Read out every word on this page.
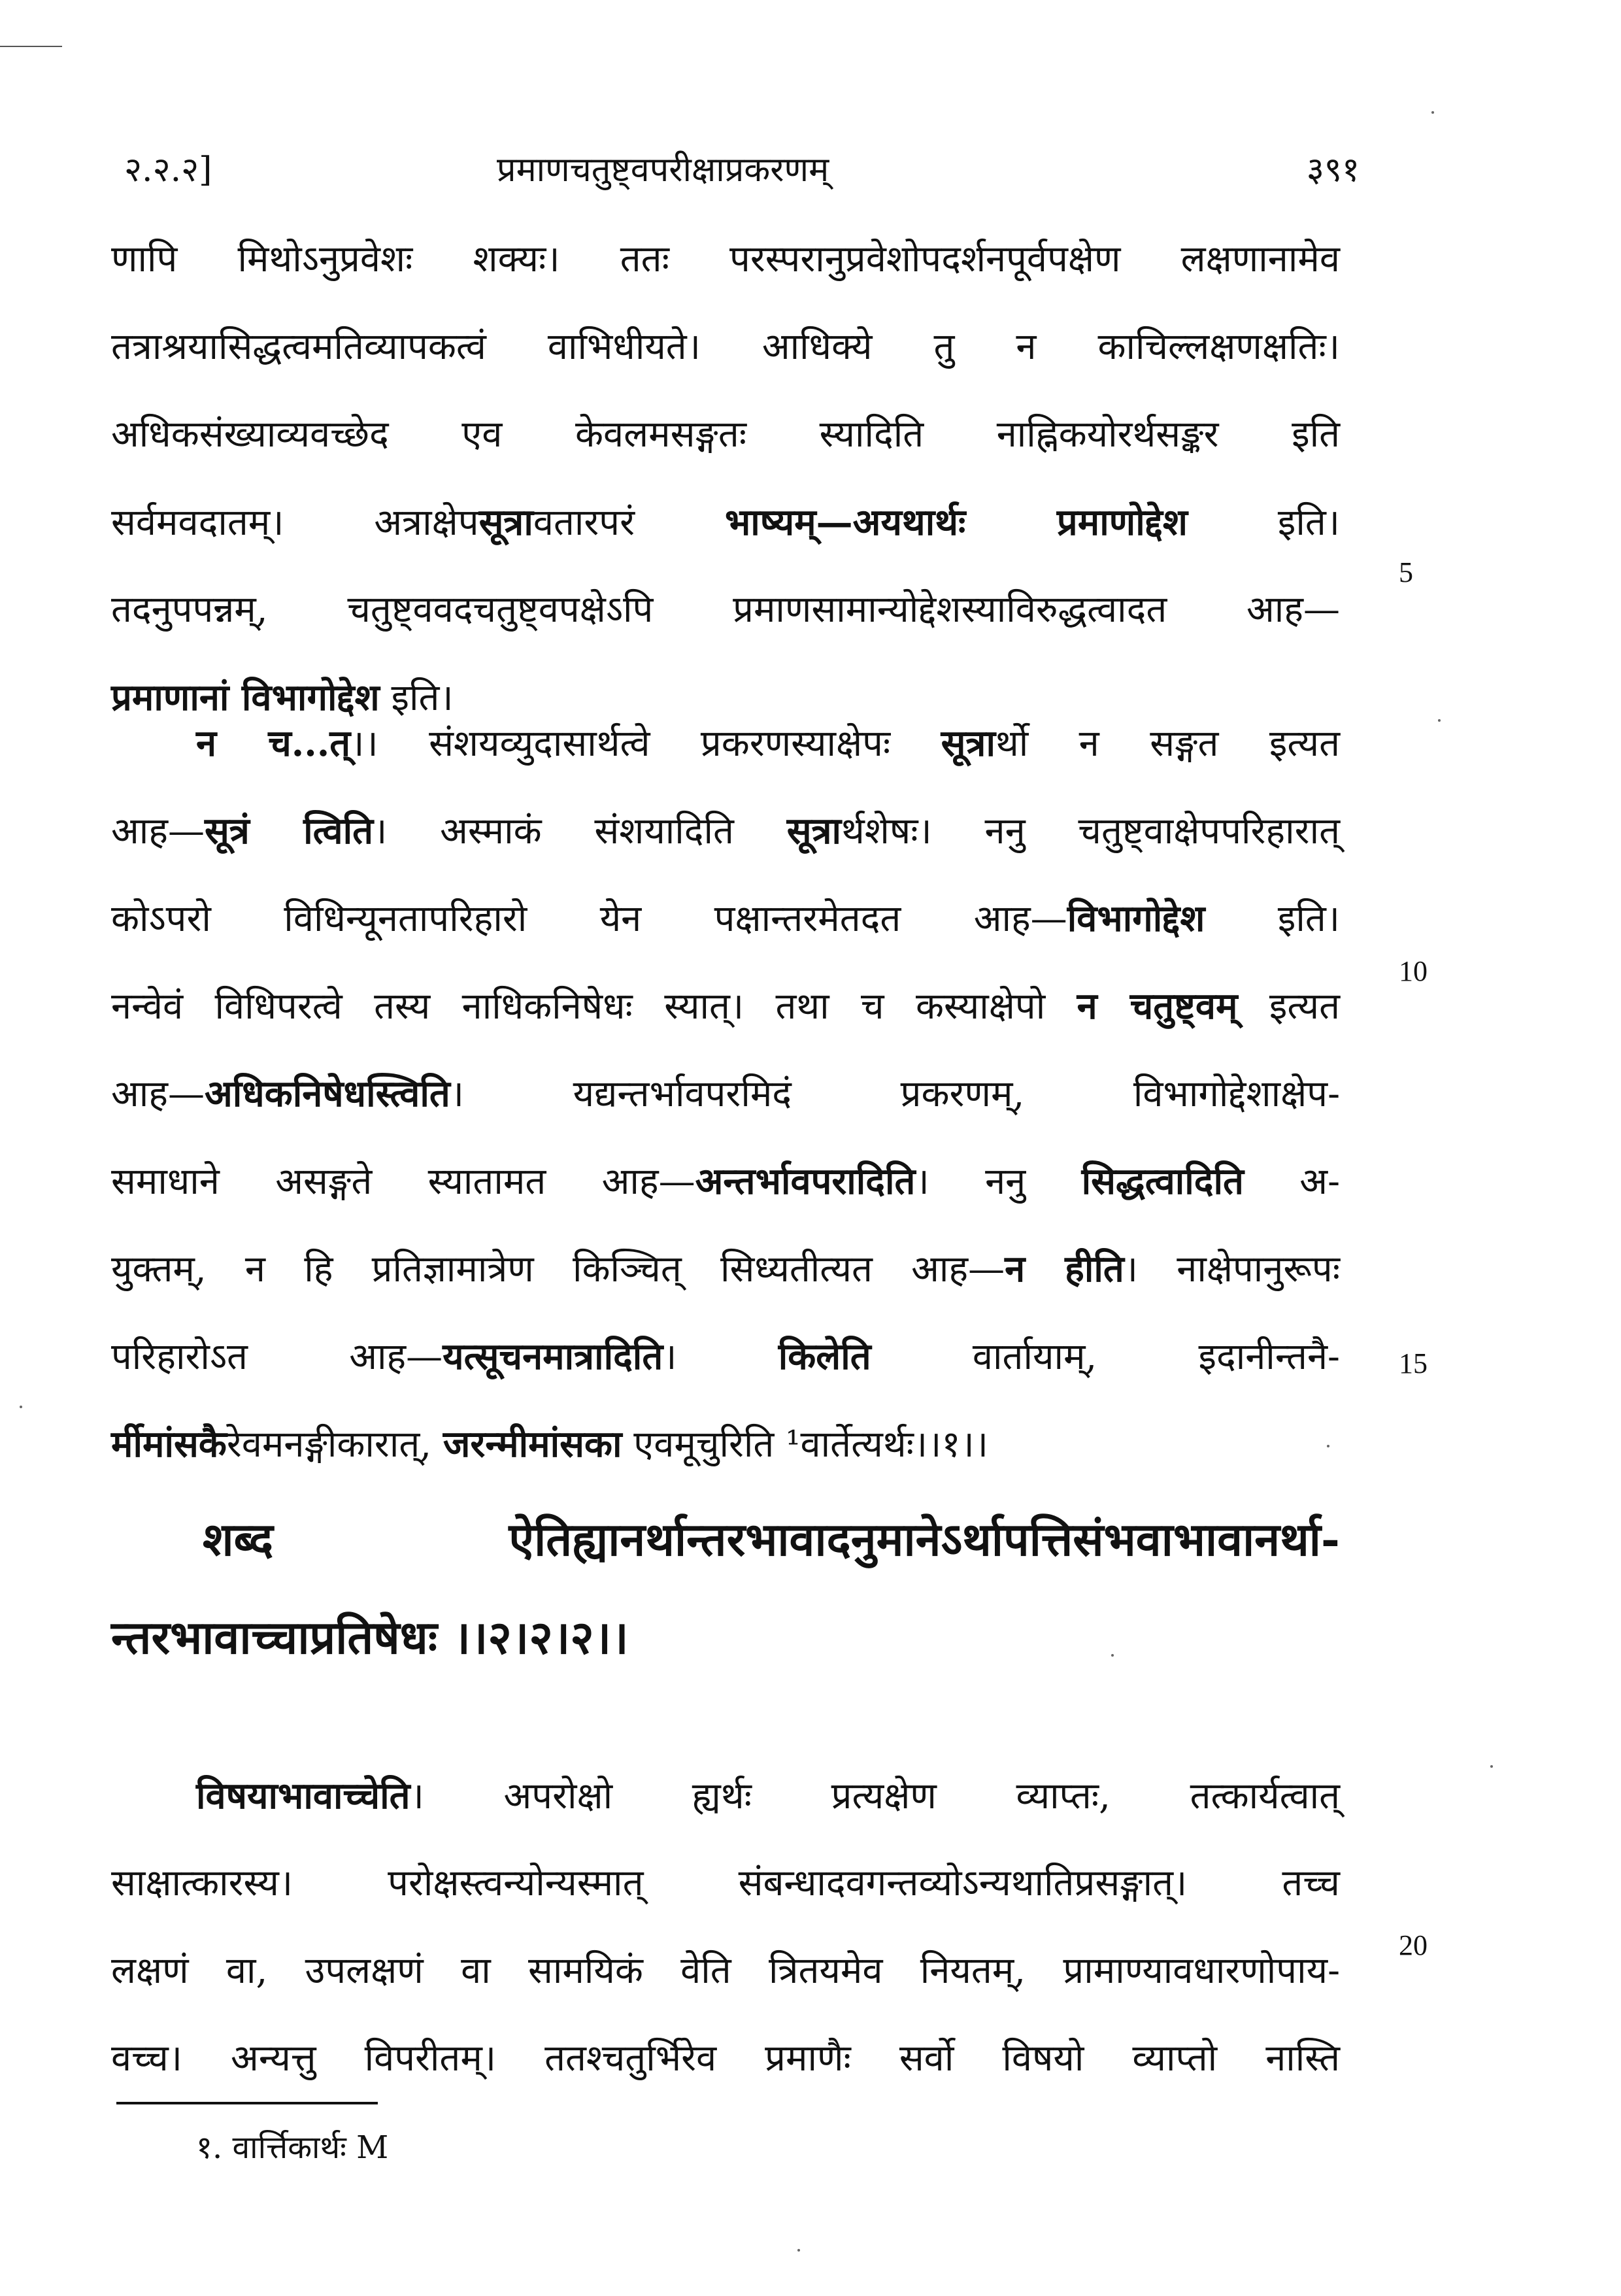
२.२.२]	प्रमाणचतुष्ट्वपरीक्षाप्रकरणम्	३९१
णापि मिथोऽनुप्रवेशः शक्यः। ततः परस्परानुप्रवेशोपदर्शनपूर्वपक्षेण लक्षणानामेव
तत्राश्रयासिद्धत्वमतिव्यापकत्वं वाभिधीयते। आधिक्ये तु न काचिल्लक्षणक्षतिः।
अधिकसंख्याव्यवच्छेद एव केवलमसङ्गतः स्यादिति नाह्निकयोरर्थसङ्कर इति
सर्वमवदातम्। अत्राक्षेपसूत्रावतारपरं भाष्यम्—अयथार्थः प्रमाणोद्देश इति।
तदनुपपन्नम्, चतुष्ट्ववदचतुष्ट्वपक्षेऽपि प्रमाणसामान्योद्देशस्याविरुद्धत्वादत आह—
प्रमाणानां विभागोद्देश इति।
न च...त्।। संशयव्युदासार्थत्वे प्रकरणस्याक्षेपः सूत्रार्थो न सङ्गत इत्यत
आह—सूत्रं त्विति। अस्माकं संशयादिति सूत्रार्थशेषः। ननु चतुष्ट्वाक्षेपपरिहारात्
कोऽपरो विधिन्यूनतापरिहारो येन पक्षान्तरमेतदत आह—विभागोद्देश इति।
नन्वेवं विधिपरत्वे तस्य नाधिकनिषेधः स्यात्। तथा च कस्याक्षेपो न चतुष्ट्वम् इत्यत
आह—अधिकनिषेधस्त्विति। यद्यन्तर्भावपरमिदं प्रकरणम्, विभागोद्देशाक्षेप-
समाधाने असङ्गते स्यातामत आह—अन्तर्भावपरादिति। ननु सिद्धत्वादिति अ-
युक्तम्, न हि प्रतिज्ञामात्रेण किञ्चित् सिध्यतीत्यत आह—न हीति। नाक्षेपानुरूपः
परिहारोऽत आह—यत्सूचनमात्रादिति। किलेति वार्तायाम्, इदानीन्तनै-
र्मीमांसकैरेवमनङ्गीकारात्, जरन्मीमांसका एवमूचुरिति ¹वार्तेत्यर्थः।।१।।
शब्द ऐतिह्यानर्थान्तरभावादनुमानेऽर्थापत्तिसंभवाभावानर्था-
न्तरभावाच्चाप्रतिषेधः ।।२।२।२।।
विषयाभावाच्चेति। अपरोक्षो ह्यर्थः प्रत्यक्षेण व्याप्तः, तत्कार्यत्वात्
साक्षात्कारस्य। परोक्षस्त्वन्योन्यस्मात् संबन्धादवगन्तव्योऽन्यथातिप्रसङ्गात्। तच्च
लक्षणं वा, उपलक्षणं वा सामयिकं वेति त्रितयमेव नियतम्, प्रामाण्यावधारणोपाय-
वच्च। अन्यत्तु विपरीतम्। ततश्चतुर्भिरेव प्रमाणैः सर्वो विषयो व्याप्तो नास्ति
5
10
15
20
१. वार्त्तिकार्थः M
